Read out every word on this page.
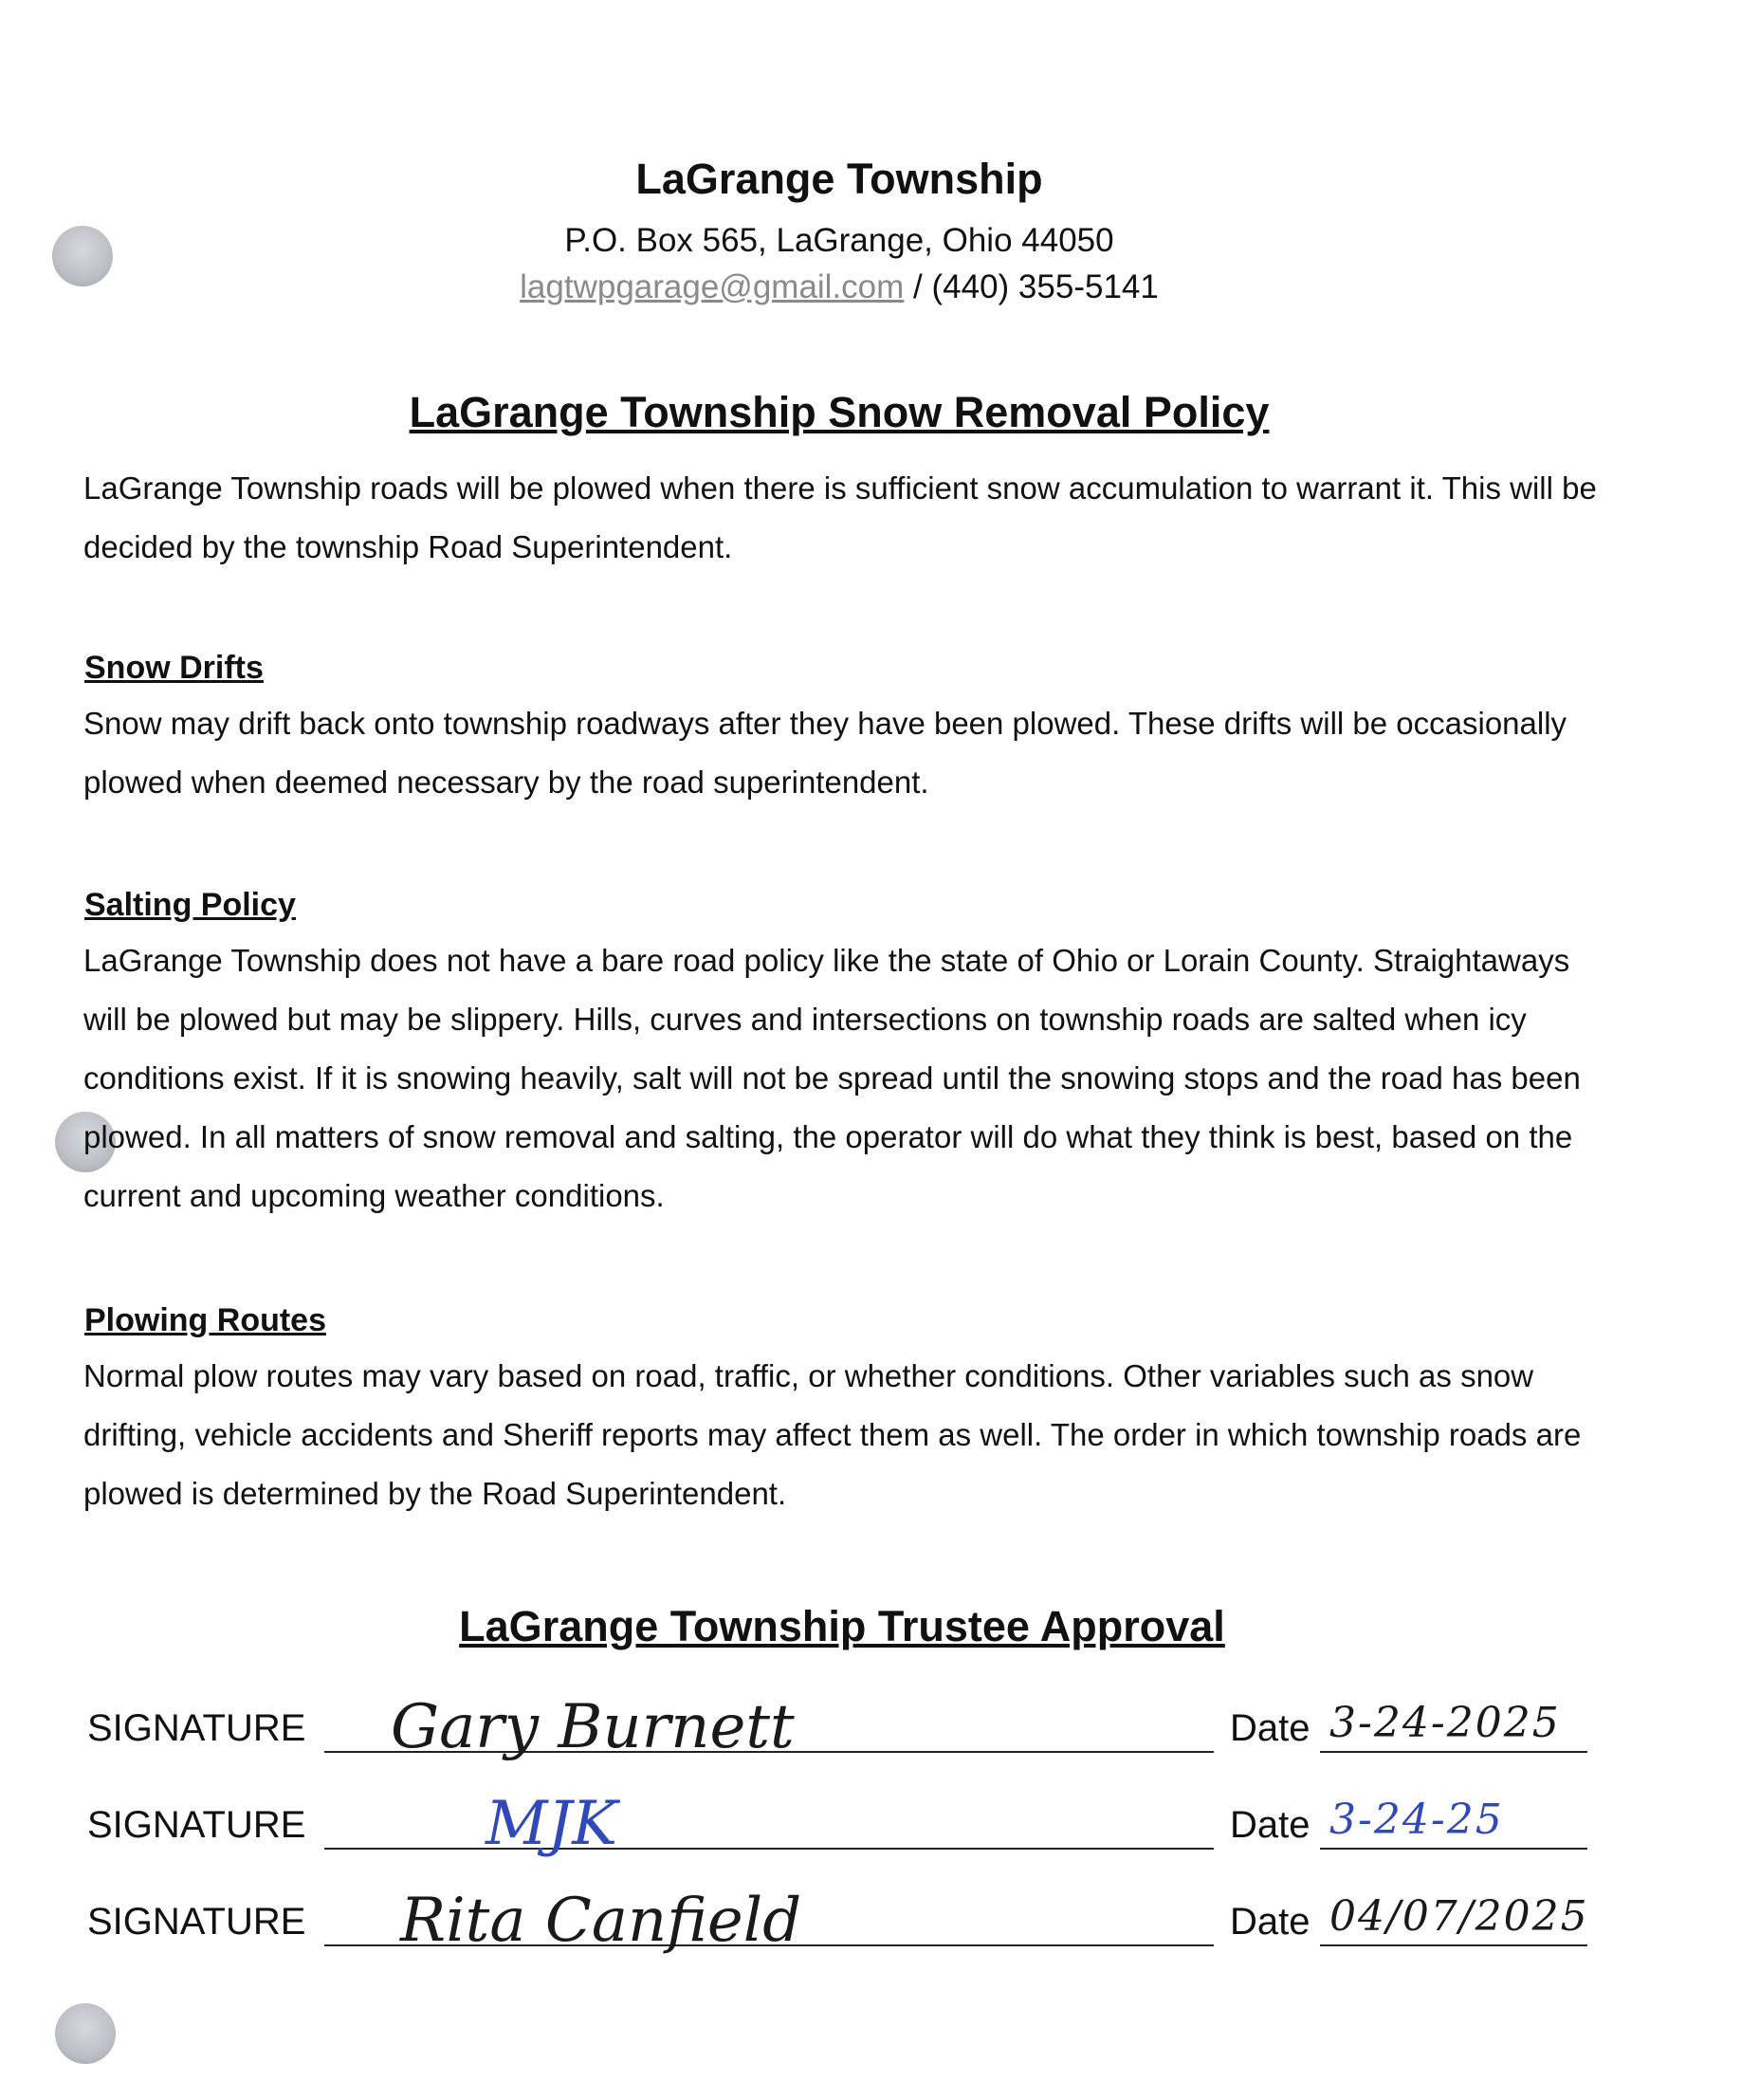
LaGrange Township
P.O. Box 565, LaGrange, Ohio 44050
lagtwpgarage@gmail.com / (440) 355-5141
LaGrange Township Snow Removal Policy
LaGrange Township roads will be plowed when there is sufficient snow accumulation to warrant it. This will be decided by the township Road Superintendent.
Snow Drifts
Snow may drift back onto township roadways after they have been plowed. These drifts will be occasionally plowed when deemed necessary by the road superintendent.
Salting Policy
LaGrange Township does not have a bare road policy like the state of Ohio or Lorain County. Straightaways will be plowed but may be slippery. Hills, curves and intersections on township roads are salted when icy conditions exist. If it is snowing heavily, salt will not be spread until the snowing stops and the road has been plowed. In all matters of snow removal and salting, the operator will do what they think is best, based on the current and upcoming weather conditions.
Plowing Routes
Normal plow routes may vary based on road, traffic, or whether conditions. Other variables such as snow drifting, vehicle accidents and Sheriff reports may affect them as well. The order in which township roads are plowed is determined by the Road Superintendent.
LaGrange Township Trustee Approval
SIGNATURE Gary Burnett	Date 3-24-2025
SIGNATURE	MJK	Date 3-24-25
SIGNATURE Rita Canfield	Date 04/07/2025
